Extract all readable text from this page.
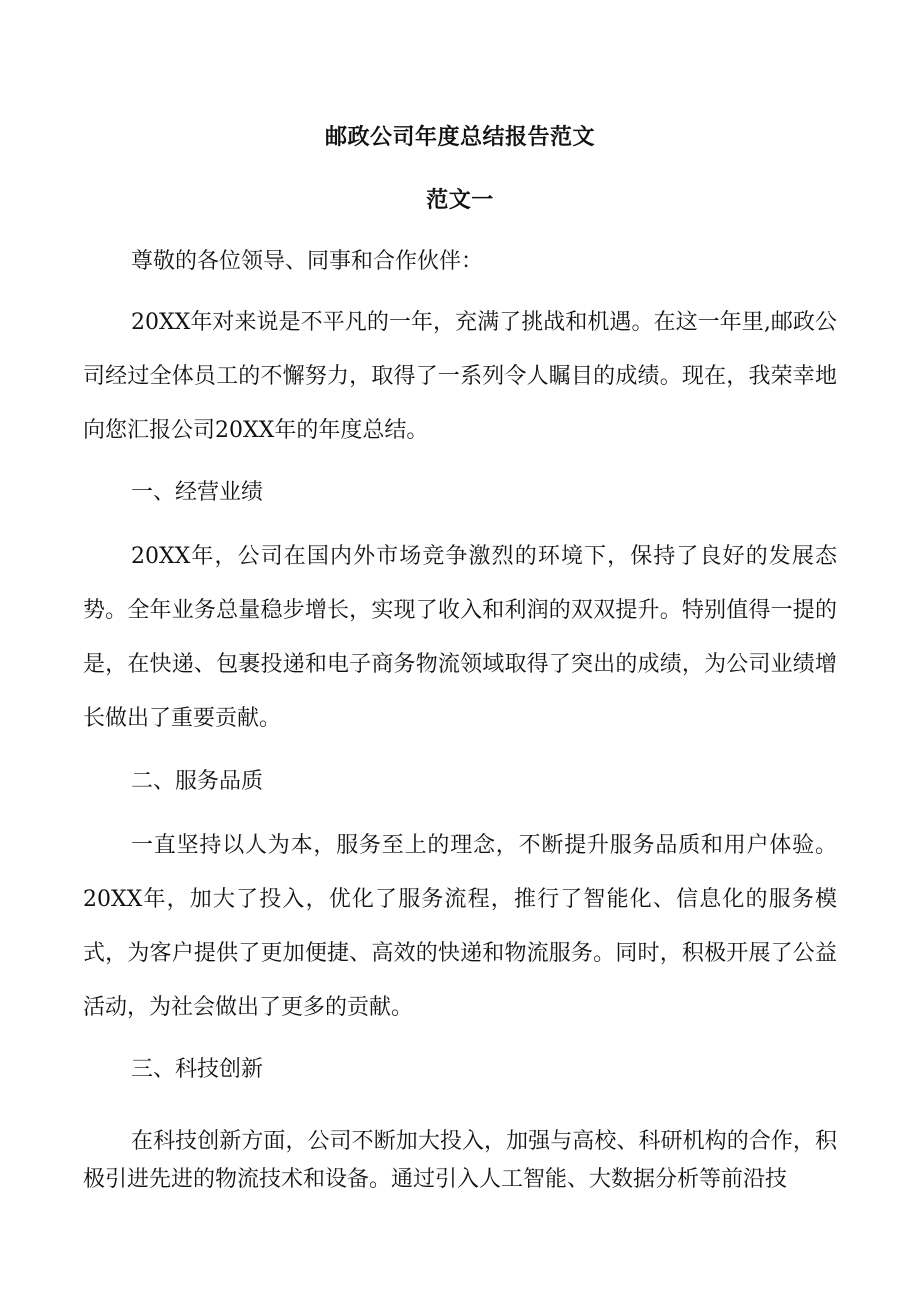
邮政公司年度总结报告范文
范文一

尊敬的各位领导、同事和合作伙伴：

20XX年对来说是不平凡的一年，充满了挑战和机遇。在这一年里,邮政公司经过全体员工的不懈努力，取得了一系列令人瞩目的成绩。现在，我荣幸地向您汇报公司20XX年的年度总结。

一、经营业绩

20XX年，公司在国内外市场竞争激烈的环境下，保持了良好的发展态势。全年业务总量稳步增长，实现了收入和利润的双双提升。特别值得一提的是，在快递、包裹投递和电子商务物流领域取得了突出的成绩，为公司业绩增长做出了重要贡献。

二、服务品质

一直坚持以人为本，服务至上的理念，不断提升服务品质和用户体验。20XX年，加大了投入，优化了服务流程，推行了智能化、信息化的服务模式，为客户提供了更加便捷、高效的快递和物流服务。同时，积极开展了公益活动，为社会做出了更多的贡献。

三、科技创新

在科技创新方面，公司不断加大投入，加强与高校、科研机构的合作，积极引进先进的物流技术和设备。通过引入人工智能、大数据分析等前沿技
